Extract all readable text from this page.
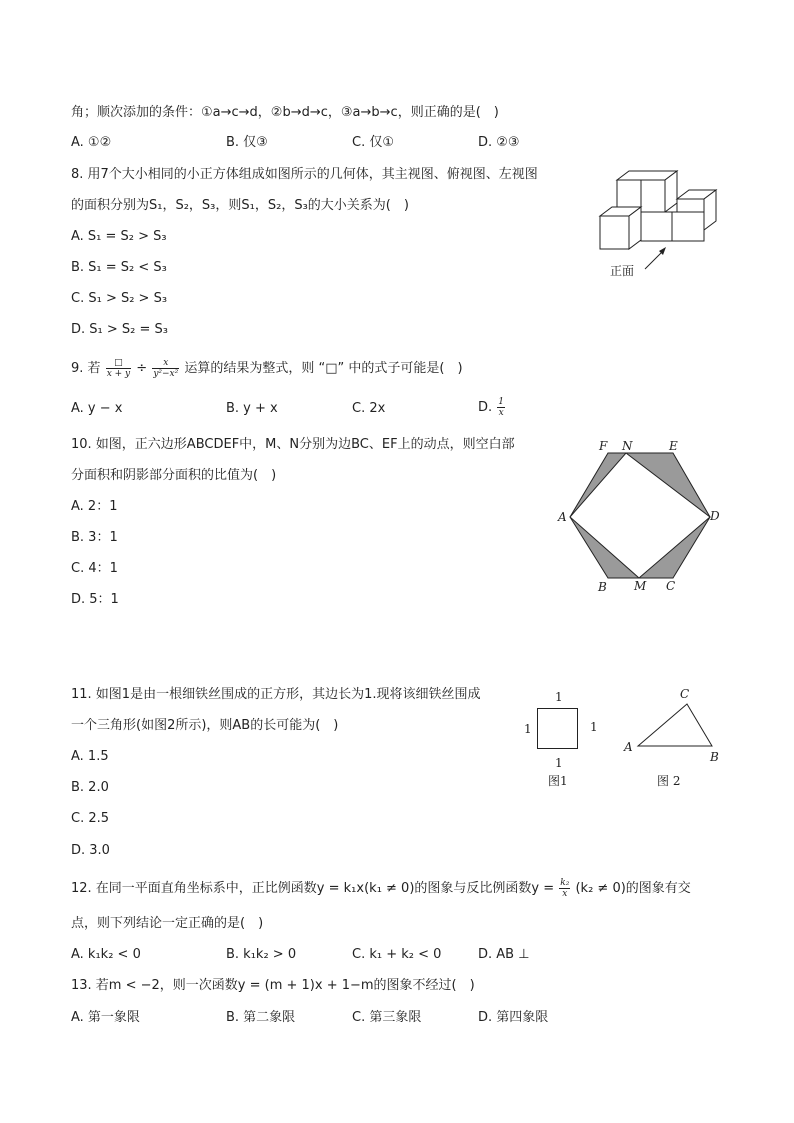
角；顺次添加的条件：①a→c→d，②b→d→c，③a→b→c，则正确的是(　)
A. ①②	B. 仅③	C. 仅①	D. ②③
8. 用7个大小相同的小正方体组成如图所示的几何体，其主视图、俯视图、左视图
的面积分别为S₁，S₂，S₃，则S₁，S₂，S₃的大小关系为(　)
A. S₁ = S₂ > S₃
B. S₁ = S₂ < S₃
C. S₁ > S₂ > S₃
D. S₁ > S₂ = S₃
正面
9. 若 $\frac{□}{x + y} \div \frac{x}{\text{y²−x²}}$ 运算的结果为整式，则 “□” 中的式子可能是(　)
A. y − x	B. y + x	C. 2x	D. $\frac{1}{x}$
10. 如图，正六边形ABCDEF中，M、N分别为边BC、EF上的动点，则空白部
分面积和阴影部分面积的比值为(　)
A. 2：1
B. 3：1
C. 4：1
D. 5：1
F N	E
A	D
B M C
11. 如图1是由一根细铁丝围成的正方形，其边长为1.现将该细铁丝围成
一个三角形(如图2所示)，则AB的长可能为(　)
A. 1.5
B. 2.0
C. 2.5
D. 3.0
1
1	1
1
图1
C
A
B
图 2
12. 在同一平面直角坐标系中，正比例函数y = k₁x(k₁ ≠ 0)的图象与反比例函数$y = \frac{\text{k₂}}{x} (k_2 \ne 0)$的图象有交
点，则下列结论一定正确的是(　)
A. k₁k₂ < 0	B. k₁k₂ > 0	C. k₁ + k₂ < 0	D. AB ⊥
13. 若m < −2，则一次函数y = (m + 1)x + 1−m的图象不经过(　)
A. 第一象限	B. 第二象限	C. 第三象限	D. 第四象限
